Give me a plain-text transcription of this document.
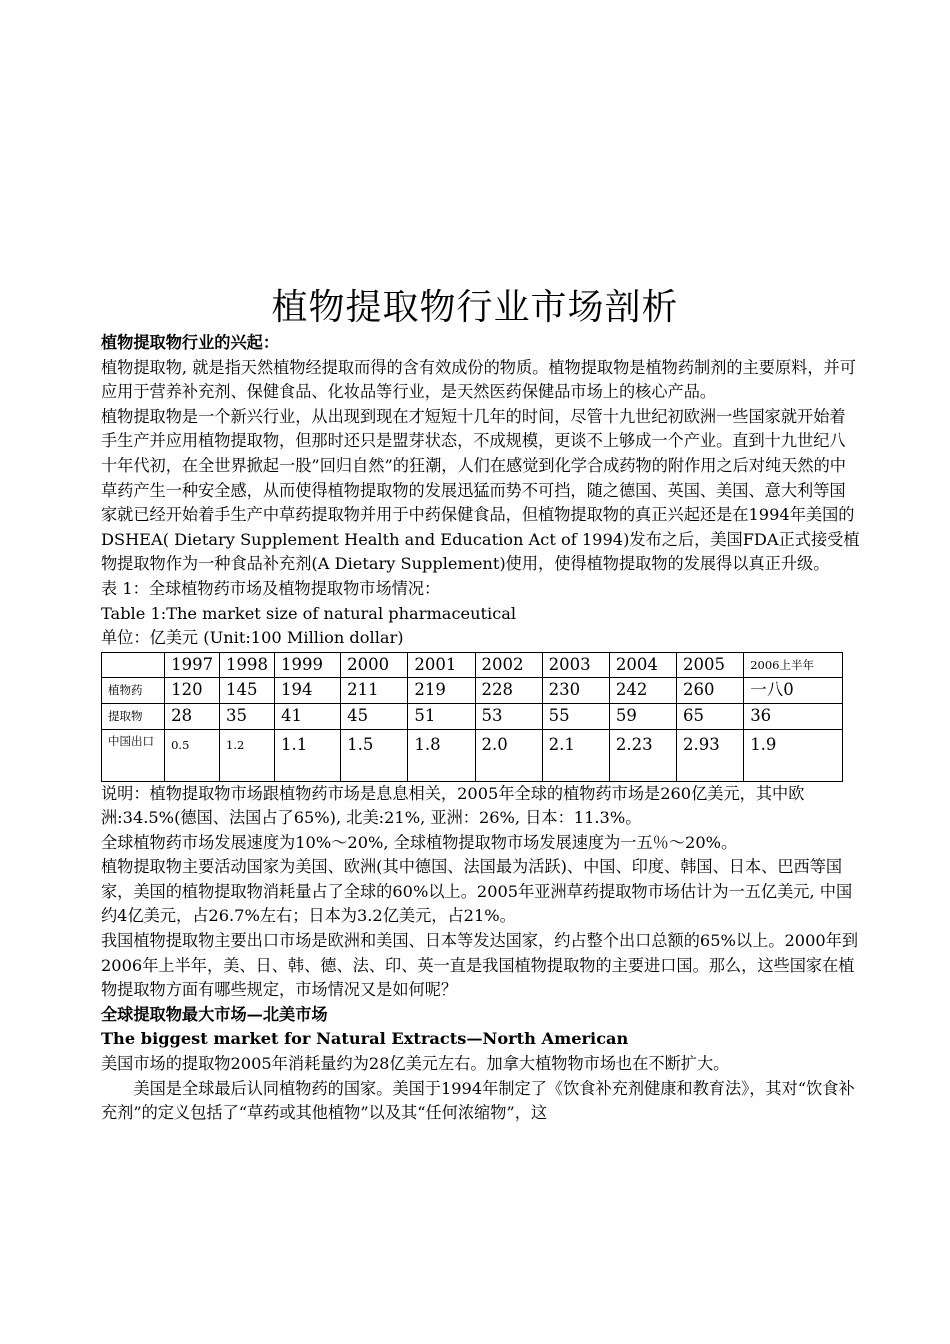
植物提取物行业市场剖析

植物提取物行业的兴起：

植物提取物, 就是指天然植物经提取而得的含有效成份的物质。植物提取物是植物药制剂的主要原料，并可应用于营养补充剂、保健食品、化妆品等行业，是天然医药保健品市场上的核心产品。

植物提取物是一个新兴行业，从出现到现在才短短十几年的时间，尽管十九世纪初欧洲一些国家就开始着手生产并应用植物提取物，但那时还只是盟芽状态，不成规模，更谈不上够成一个产业。直到十九世纪八十年代初，在全世界掀起一股”回归自然”的狂潮，人们在感觉到化学合成药物的附作用之后对纯天然的中草药产生一种安全感，从而使得植物提取物的发展迅猛而势不可挡，随之德国、英国、美国、意大利等国家就已经开始着手生产中草药提取物并用于中药保健食品，但植物提取物的真正兴起还是在1994年美国的DSHEA( Dietary Supplement Health and Education Act of 1994)发布之后，美国FDA正式接受植物提取物作为一种食品补充剂(A Dietary Supplement)使用，使得植物提取物的发展得以真正升级。

表 1：全球植物药市场及植物提取物市场情况：

Table 1:The market size of natural pharmaceutical

单位：亿美元 (Unit:100 Million dollar)

	1997	1998	1999	2000	2001	2002	2003	2004	2005	2006上半年
植物药	120	145	194	211	219	228	230	242	260	一八0
提取物	28	35	41	45	51	53	55	59	65	36
中国出口	0.5	1.2	1.1	1.5	1.8	2.0	2.1	2.23	2.93	1.9

说明：植物提取物市场跟植物药市场是息息相关，2005年全球的植物药市场是260亿美元，其中欧洲:34.5%(德国、法国占了65%), 北美:21%, 亚洲：26%, 日本：11.3%。

全球植物药市场发展速度为10%～20%, 全球植物提取物市场发展速度为一五％～20%。

植物提取物主要活动国家为美国、欧洲(其中德国、法国最为活跃)、中国、印度、韩国、日本、巴西等国家，美国的植物提取物消耗量占了全球的60%以上。2005年亚洲草药提取物市场估计为一五亿美元, 中国约4亿美元，占26.7%左右；日本为3.2亿美元，占21%。

我国植物提取物主要出口市场是欧洲和美国、日本等发达国家，约占整个出口总额的65%以上。2000年到2006年上半年，美、日、韩、德、法、印、英一直是我国植物提取物的主要进口国。那么，这些国家在植物提取物方面有哪些规定，市场情况又是如何呢？

全球提取物最大市场—北美市场

The biggest market for Natural Extracts—North American

美国市场的提取物2005年消耗量约为28亿美元左右。加拿大植物物市场也在不断扩大。

美国是全球最后认同植物药的国家。美国于1994年制定了《饮食补充剂健康和教育法》，其对“饮食补充剂”的定义包括了“草药或其他植物”以及其“任何浓缩物”，这
